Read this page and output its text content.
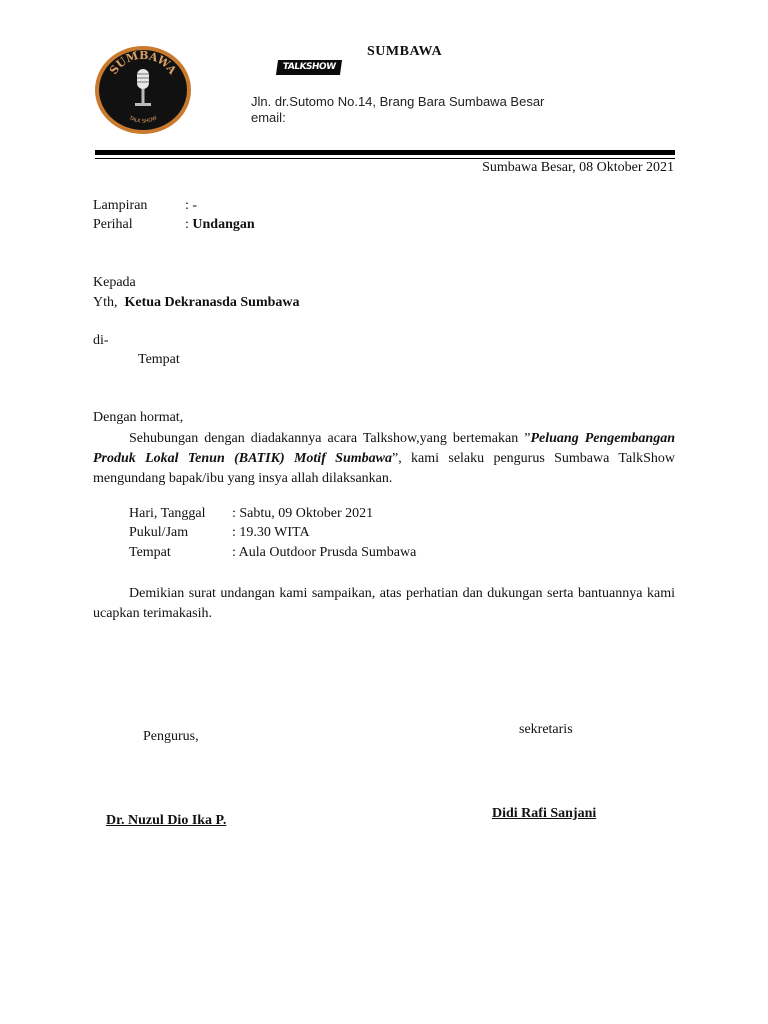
SUMBAWA
TALK SHOW
SUMBAWA
TALKSHOW
Jln. dr.Sutomo No.14, Brang Bara Sumbawa Besar
email:
Sumbawa Besar, 08 Oktober 2021
Lampiran	: -
Perihal	: Undangan
Kepada
Yth, Ketua Dekranasda Sumbawa
di-
Tempat
Dengan hormat,
Sehubungan dengan diadakannya acara Talkshow,yang bertemakan ”Peluang Pengembangan Produk Lokal Tenun (BATIK) Motif Sumbawa”, kami selaku pengurus Sumbawa TalkShow mengundang bapak/ibu yang insya allah dilaksankan.
Hari, Tanggal : Sabtu, 09 Oktober 2021
Pukul/Jam	: 19.30 WITA
Tempat	: Aula Outdoor Prusda Sumbawa
Demikian surat undangan kami sampaikan, atas perhatian dan dukungan serta bantuannya kami ucapkan terimakasih.
Pengurus,	sekretaris
Dr. Nuzul Dio Ika P.	Didi Rafi Sanjani
